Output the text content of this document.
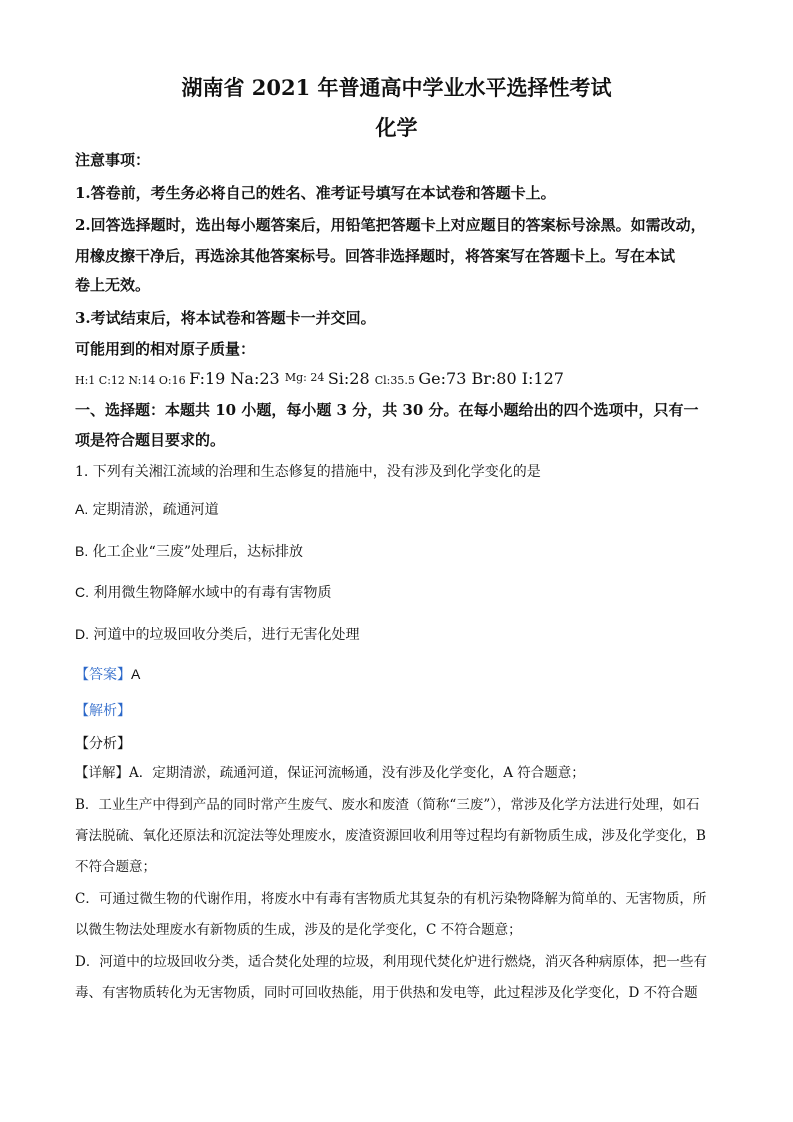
湖南省 2021 年普通高中学业水平选择性考试
化学
注意事项：
1.答卷前，考生务必将自己的姓名、准考证号填写在本试卷和答题卡上。
2.回答选择题时，选出每小题答案后，用铅笔把答题卡上对应题目的答案标号涂黑。如需改动，
用橡皮擦干净后，再选涂其他答案标号。回答非选择题时，将答案写在答题卡上。写在本试
卷上无效。
3.考试结束后，将本试卷和答题卡一并交回。
可能用到的相对原子质量：
H:1 C:12 N:14 O:16 F:19 Na:23 $^{Mg: 24}$ Si:28 Cl:35.5 Ge:73 Br:80 I:127
一、选择题：本题共 10 小题，每小题 3 分，共 30 分。在每小题给出的四个选项中，只有一
项是符合题目要求的。
1. 下列有关湘江流域的治理和生态修复的措施中，没有涉及到化学变化的是
A. 定期清淤，疏通河道
B. 化工企业“三废”处理后，达标排放
C. 利用微生物降解水域中的有毒有害物质
D. 河道中的垃圾回收分类后，进行无害化处理
【答案】A
【解析】
【分析】
【详解】A．定期清淤，疏通河道，保证河流畅通，没有涉及化学变化，A 符合题意；
B．工业生产中得到产品的同时常产生废气、废水和废渣（简称“三废”），常涉及化学方法进行处理，如石
膏法脱硫、氧化还原法和沉淀法等处理废水，废渣资源回收利用等过程均有新物质生成，涉及化学变化，B
不符合题意；
C．可通过微生物的代谢作用，将废水中有毒有害物质尤其复杂的有机污染物降解为简单的、无害物质，所
以微生物法处理废水有新物质的生成，涉及的是化学变化，C 不符合题意；
D．河道中的垃圾回收分类，适合焚化处理的垃圾，利用现代焚化炉进行燃烧，消灭各种病原体，把一些有
毒、有害物质转化为无害物质，同时可回收热能，用于供热和发电等，此过程涉及化学变化，D 不符合题
